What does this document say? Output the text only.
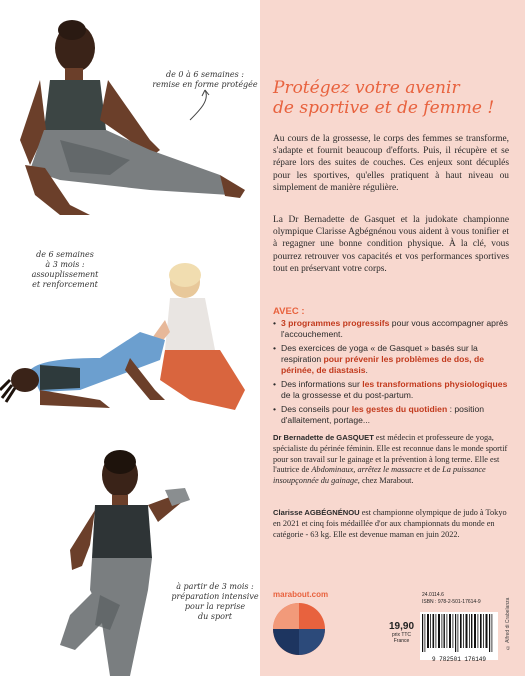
de 0 à 6 semaines :
remise en forme protégée
de 6 semaines
à 3 mois :
assouplissement
et renforcement
à partir de 3 mois :
préparation intensive
pour la reprise
du sport
Protégez votre avenir
de sportive et de femme !

Au cours de la grossesse, le corps des femmes se transforme, s'adapte et fournit beaucoup d'efforts. Puis, il récupère et se répare lors des suites de couches. Ces enjeux sont décuplés pour les sportives, qu'elles pratiquent à haut niveau ou simplement de manière régulière.

La Dr Bernadette de Gasquet et la judokate championne olympique Clarisse Agbégnénou vous aident à vous tonifier et à regagner une bonne condition physique. À la clé, vous pourrez retrouver vos capacités et vos performances sportives tout en préservant votre corps.

AVEC :
• 3 programmes progressifs pour vous accompagner après l'accouchement.
• Des exercices de yoga « de Gasquet » basés sur la respiration pour prévenir les problèmes de dos, de périnée, de diastasis.
• Des informations sur les transformations physiologiques de la grossesse et du post-partum.
• Des conseils pour les gestes du quotidien : position d'allaitement, portage...

Dr Bernadette de GASQUET est médecin et professeure de yoga, spécialiste du périnée féminin. Elle est reconnue dans le monde sportif pour son travail sur le gainage et la prévention à long terme. Elle est l'autrice de Abdominaux, arrêtez le massacre et de La puissance insoupçonnée du gainage, chez Marabout.

Clarisse AGBÉGNÉNOU est championne olympique de judo à Tokyo en 2021 et cinq fois médaillée d'or aux championnats du monde en catégorie - 63 kg. Elle est devenue maman en juin 2022.

marabout.com
19,90
prix TTC
France
24.0114.6
ISBN : 978-2-501-17614-9
9 782501 176149
© Alfred di Crabelanza
